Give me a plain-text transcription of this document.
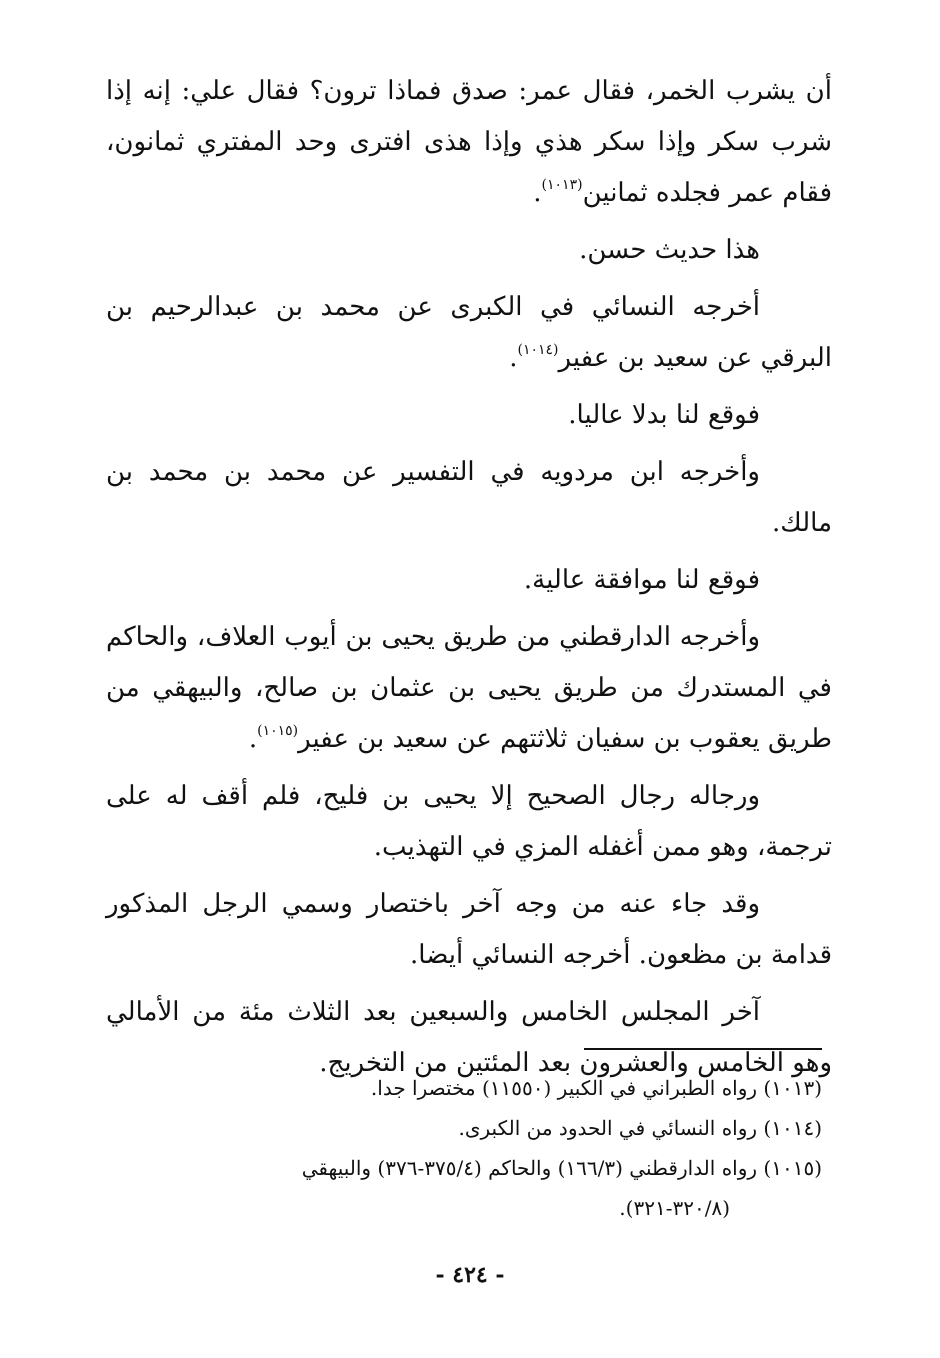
أن يشرب الخمر، فقال عمر: صدق فماذا ترون؟ فقال علي: إنه إذا شرب سكر وإذا سكر هذي وإذا هذى افترى وحد المفتري ثمانون، فقام عمر فجلده ثمانين$^{(١٠١٣)}$.

هذا حديث حسن.

أخرجه النسائي في الكبرى عن محمد بن عبدالرحيم بن البرقي عن سعيد بن عفير$^{(١٠١٤)}$.

فوقع لنا بدلا عاليا.

وأخرجه ابن مردويه في التفسير عن محمد بن محمد بن مالك.

فوقع لنا موافقة عالية.

وأخرجه الدارقطني من طريق يحيى بن أيوب العلاف، والحاكم في المستدرك من طريق يحيى بن عثمان بن صالح، والبيهقي من طريق يعقوب بن سفيان ثلاثتهم عن سعيد بن عفير$^{(١٠١٥)}$.

ورجاله رجال الصحيح إلا يحيى بن فليح، فلم أقف له على ترجمة، وهو ممن أغفله المزي في التهذيب.

وقد جاء عنه من وجه آخر باختصار وسمي الرجل المذكور قدامة بن مظعون. أخرجه النسائي أيضا.

آخر المجلس الخامس والسبعين بعد الثلاث مئة من الأمالي وهو الخامس والعشرون بعد المئتين من التخريج.

(١٠١٣) رواه الطبراني في الكبير (١١٥٥٠) مختصرا جدا.

(١٠١٤) رواه النسائي في الحدود من الكبرى.

(١٠١٥) رواه الدارقطني (١٦٦/٣) والحاكم (٣٧٥/٤-٣٧٦) والبيهقي

(٣٢٠/٨-٣٢١).

- ٤٢٤ -
